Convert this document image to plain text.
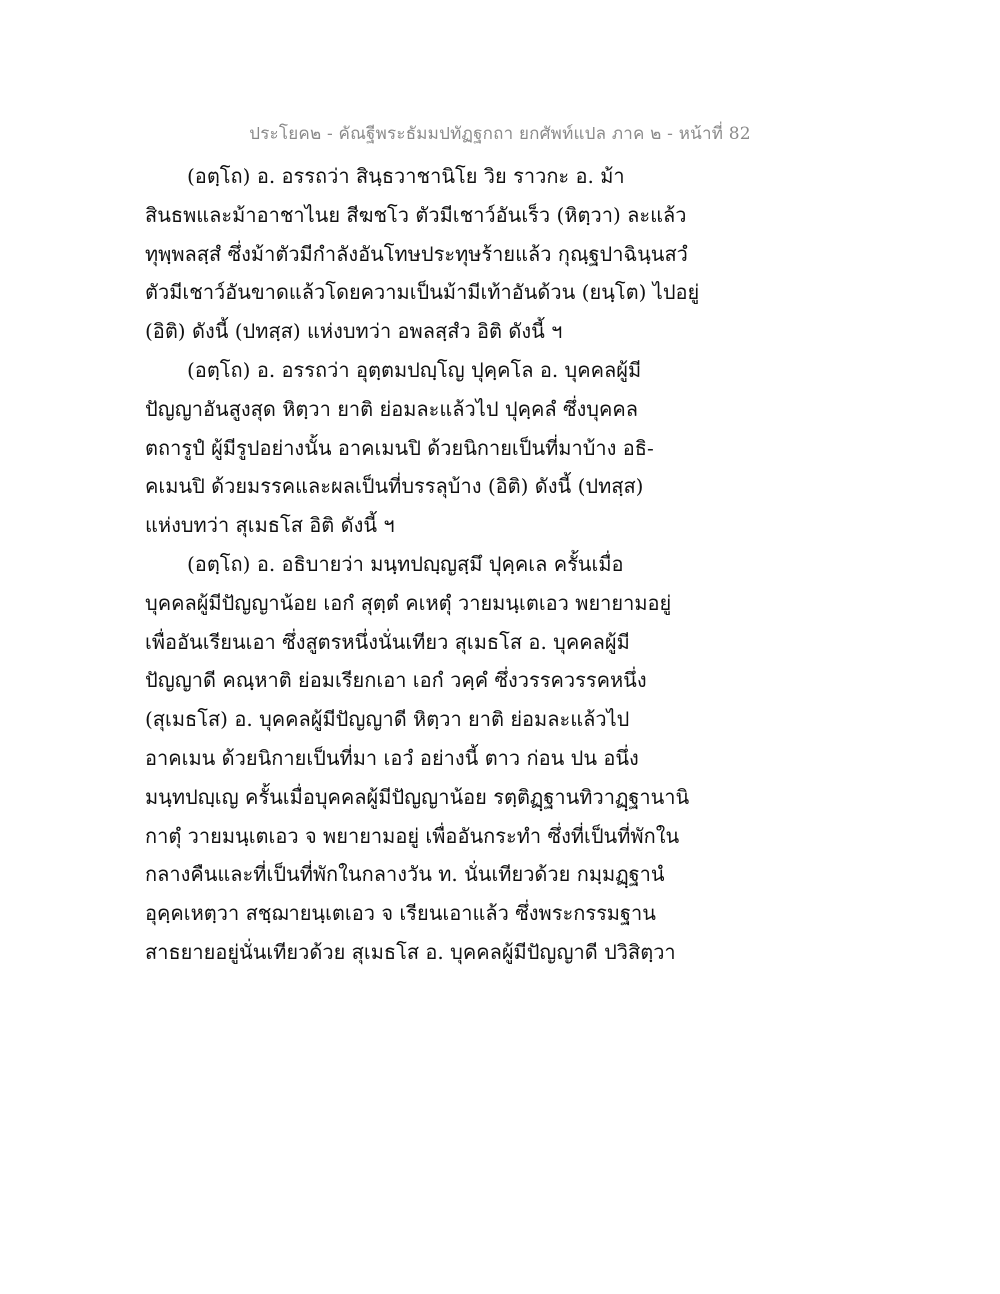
ประโยค๒ - คัณฐีพระธัมมปทัฏฐกถา ยกศัพท์แปล ภาค ๒ - หน้าที่ 82
(อตฺโถ) อ. อรรถว่า สินฺธวาชานิโย วิย ราวกะ อ. ม้า
สินธพและม้าอาชาไนย สีฆชโว ตัวมีเชาว์อันเร็ว (หิตฺวา) ละแล้ว
ทุพฺพลสฺสํ ซึ่งม้าตัวมีกำลังอันโทษประทุษร้ายแล้ว กุณฺฐปาฉินฺนสวํ
ตัวมีเชาว์อันขาดแล้วโดยความเป็นม้ามีเท้าอันด้วน (ยนฺโต) ไปอยู่
(อิติ) ดังนี้ (ปทสฺส) แห่งบทว่า อพลสฺสํว อิติ ดังนี้ ฯ
(อตฺโถ) อ. อรรถว่า อุตฺตมปญฺโญ ปุคฺคโล อ. บุคคลผู้มี
ปัญญาอันสูงสุด หิตฺวา ยาติ ย่อมละแล้วไป ปุคฺคลํ ซึ่งบุคคล
ตถารูปํ ผู้มีรูปอย่างนั้น อาคเมนปิ ด้วยนิกายเป็นที่มาบ้าง อธิ-
คเมนปิ ด้วยมรรคและผลเป็นที่บรรลุบ้าง (อิติ) ดังนี้ (ปทสฺส)
แห่งบทว่า สุเมธโส อิติ ดังนี้ ฯ
(อตฺโถ) อ. อธิบายว่า มนฺทปญฺญสฺมึ ปุคฺคเล ครั้นเมื่อ
บุคคลผู้มีปัญญาน้อย เอกํ สุตฺตํ คเหตุํ วายมนฺเตเอว พยายามอยู่
เพื่ออันเรียนเอา ซึ่งสูตรหนึ่งนั่นเทียว สุเมธโส อ. บุคคลผู้มี
ปัญญาดี คณฺหาติ ย่อมเรียกเอา เอกํ วคฺคํ ซึ่งวรรควรรคหนึ่ง
(สุเมธโส) อ. บุคคลผู้มีปัญญาดี หิตฺวา ยาติ ย่อมละแล้วไป
อาคเมน ด้วยนิกายเป็นที่มา เอวํ อย่างนี้ ตาว ก่อน ปน อนึ่ง
มนฺทปญฺเญ ครั้นเมื่อบุคคลผู้มีปัญญาน้อย รตฺติฏฺฐานทิวาฏฺฐานานิ
กาตุํ วายมนฺเตเอว จ พยายามอยู่ เพื่ออันกระทำ ซึ่งที่เป็นที่พักใน
กลางคืนและที่เป็นที่พักในกลางวัน ท. นั่นเทียวด้วย กมฺมฏฺฐานํ
อุคฺคเหตฺวา สชฺฌายนฺเตเอว จ เรียนเอาแล้ว ซึ่งพระกรรมฐาน
สาธยายอยู่นั่นเทียวด้วย สุเมธโส อ. บุคคลผู้มีปัญญาดี ปวิสิตฺวา
